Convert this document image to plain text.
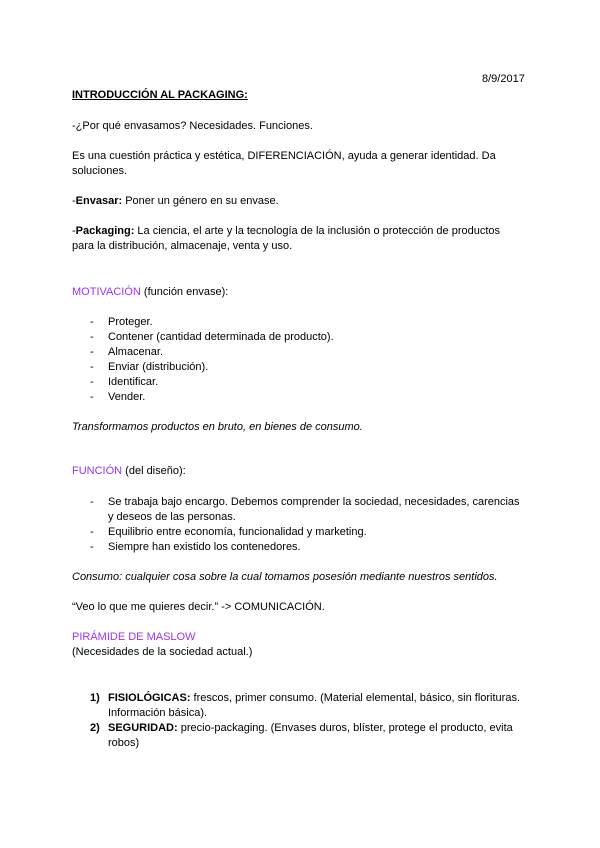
8/9/2017
INTRODUCCIÓN AL PACKAGING:
-¿Por qué envasamos? Necesidades. Funciones.
Es una cuestión práctica y estética, DIFERENCIACIÓN, ayuda a generar identidad. Da
soluciones.
-Envasar: Poner un género en su envase.
-Packaging: La ciencia, el arte y la tecnología de la inclusión o protección de productos
para la distribución, almacenaje, venta y uso.
MOTIVACIÓN (función envase):
- Proteger.
- Contener (cantidad determinada de producto).
- Almacenar.
- Enviar (distribución).
- Identificar.
- Vender.
Transformamos productos en bruto, en bienes de consumo.
FUNCIÓN (del diseño):
- Se trabaja bajo encargo. Debemos comprender la sociedad, necesidades, carencias
y deseos de las personas.
- Equilibrio entre economía, funcionalidad y marketing.
- Siempre han existido los contenedores.
Consumo: cualquier cosa sobre la cual tomamos posesión mediante nuestros sentidos.
“Veo lo que me quieres decir.” -> COMUNICACIÓN.
PIRÁMIDE DE MASLOW
(Necesidades de la sociedad actual.)
1) FISIOLÓGICAS: frescos, primer consumo. (Material elemental, básico, sin florituras.
Información básica).
2) SEGURIDAD: precio-packaging. (Envases duros, blíster, protege el producto, evita
robos)
